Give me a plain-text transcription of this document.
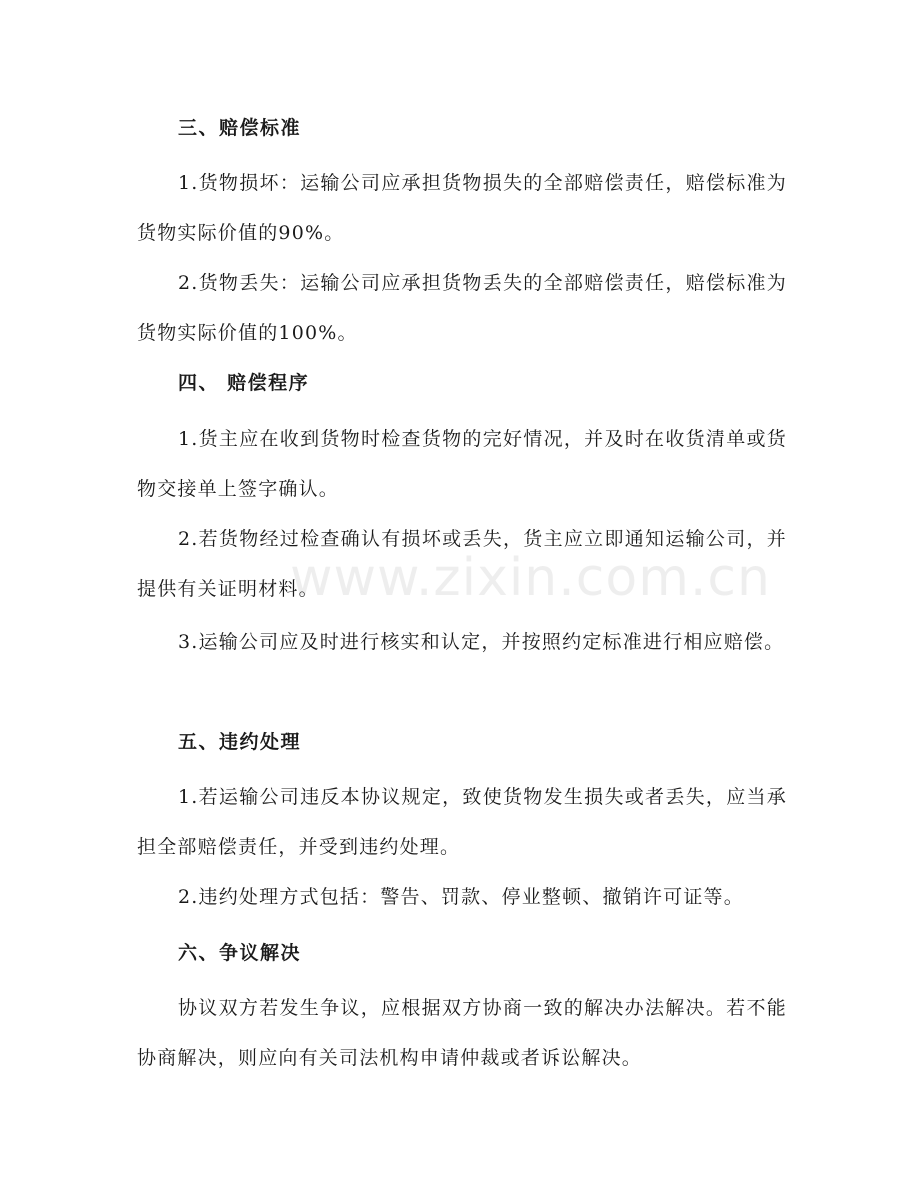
三、赔偿标准

1.货物损坏：运输公司应承担货物损失的全部赔偿责任，赔偿标准为货物实际价值的90%。

2.货物丢失：运输公司应承担货物丢失的全部赔偿责任，赔偿标准为货物实际价值的100%。

四、 赔偿程序

1.货主应在收到货物时检查货物的完好情况，并及时在收货清单或货物交接单上签字确认。

2.若货物经过检查确认有损坏或丢失，货主应立即通知运输公司，并提供有关证明材料。

3.运输公司应及时进行核实和认定，并按照约定标准进行相应赔偿。

五、违约处理

1.若运输公司违反本协议规定，致使货物发生损失或者丢失，应当承担全部赔偿责任，并受到违约处理。

2.违约处理方式包括：警告、罚款、停业整顿、撤销许可证等。

六、争议解决

协议双方若发生争议，应根据双方协商一致的解决办法解决。若不能协商解决，则应向有关司法机构申请仲裁或者诉讼解决。

www.zixin.com.cn
